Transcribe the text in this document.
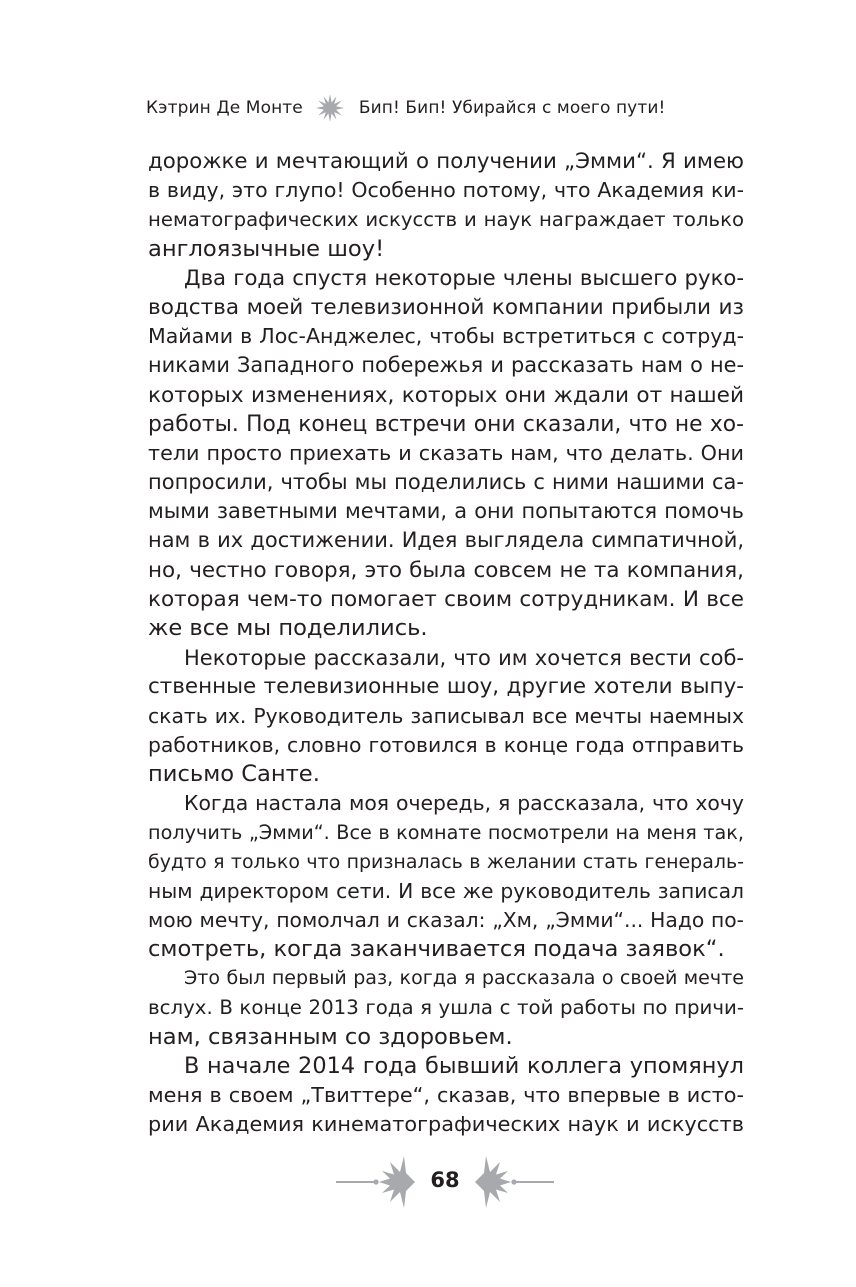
Кэтрин Де Монте	Бип! Бип! Убирайся с моего пути!
дорожке и мечтающий о получении „Эмми“. Я имею
в виду, это глупо! Особенно потому, что Академия ки-
нематографических искусств и наук награждает только
англоязычные шоу!
Два года спустя некоторые члены высшего руко-
водства моей телевизионной компании прибыли из
Майами в Лос-Анджелес, чтобы встретиться с сотруд-
никами Западного побережья и рассказать нам о не-
которых изменениях, которых они ждали от нашей
работы. Под конец встречи они сказали, что не хо-
тели просто приехать и сказать нам, что делать. Они
попросили, чтобы мы поделились с ними нашими са-
мыми заветными мечтами, а они попытаются помочь
нам в их достижении. Идея выглядела симпатичной,
но, честно говоря, это была совсем не та компания,
которая чем-то помогает своим сотрудникам. И все
же все мы поделились.
Некоторые рассказали, что им хочется вести соб-
ственные телевизионные шоу, другие хотели выпу-
скать их. Руководитель записывал все мечты наемных
работников, словно готовился в конце года отправить
письмо Санте.
Когда настала моя очередь, я рассказала, что хочу
получить „Эмми“. Все в комнате посмотрели на меня так,
будто я только что призналась в желании стать генераль-
ным директором сети. И все же руководитель записал
мою мечту, помолчал и сказал: „Хм, „Эмми“... Надо по-
смотреть, когда заканчивается подача заявок“.
Это был первый раз, когда я рассказала о своей мечте
вслух. В конце 2013 года я ушла с той работы по причи-
нам, связанным со здоровьем.
В начале 2014 года бывший коллега упомянул
меня в своем „Твиттере“, сказав, что впервые в исто-
рии Академия кинематографических наук и искусств
68
